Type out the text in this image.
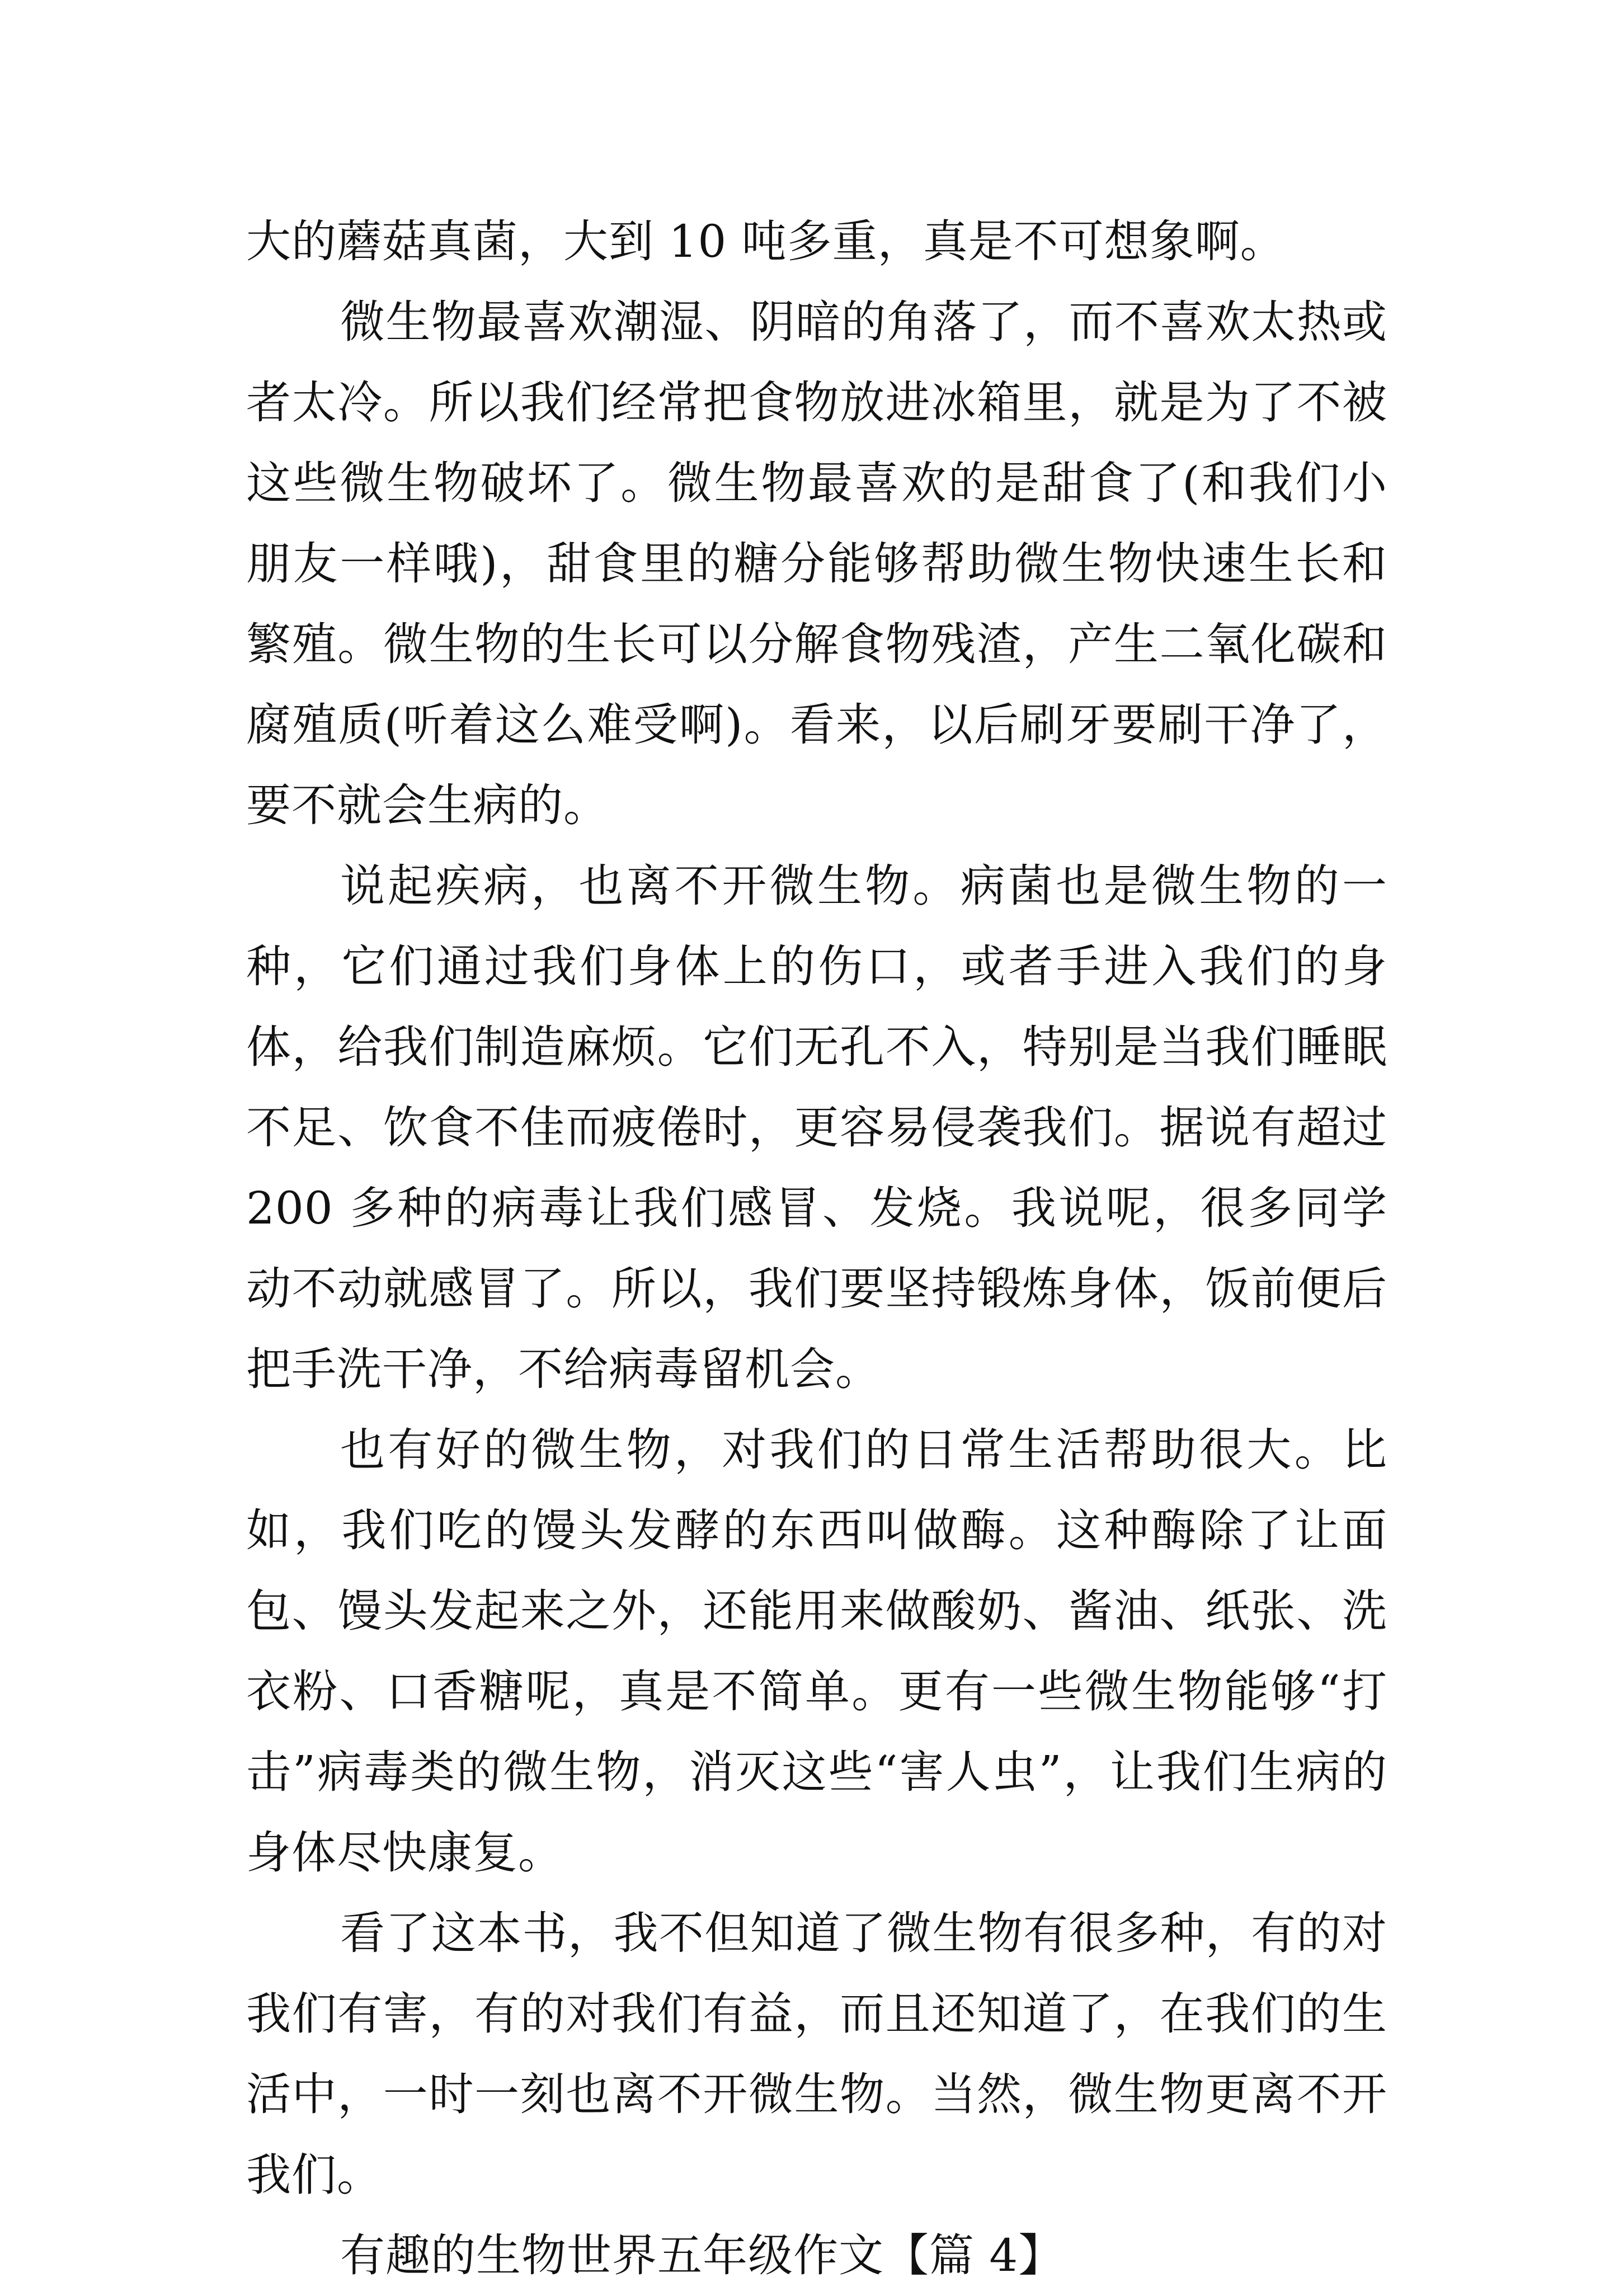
大的蘑菇真菌，大到 10 吨多重，真是不可想象啊。

微生物最喜欢潮湿、阴暗的角落了，而不喜欢太热或者太冷。所以我们经常把食物放进冰箱里，就是为了不被这些微生物破坏了。微生物最喜欢的是甜食了(和我们小朋友一样哦)，甜食里的糖分能够帮助微生物快速生长和繁殖。微生物的生长可以分解食物残渣，产生二氧化碳和腐殖质(听着这么难受啊)。看来，以后刷牙要刷干净了，要不就会生病的。

说起疾病，也离不开微生物。病菌也是微生物的一种，它们通过我们身体上的伤口，或者手进入我们的身体，给我们制造麻烦。它们无孔不入，特别是当我们睡眠不足、饮食不佳而疲倦时，更容易侵袭我们。据说有超过 200 多种的病毒让我们感冒、发烧。我说呢，很多同学动不动就感冒了。所以，我们要坚持锻炼身体，饭前便后把手洗干净，不给病毒留机会。

也有好的微生物，对我们的日常生活帮助很大。比如，我们吃的馒头发酵的东西叫做酶。这种酶除了让面包、馒头发起来之外，还能用来做酸奶、酱油、纸张、洗衣粉、口香糖呢，真是不简单。更有一些微生物能够“打击”病毒类的微生物，消灭这些“害人虫”，让我们生病的身体尽快康复。

看了这本书，我不但知道了微生物有很多种，有的对我们有害，有的对我们有益，而且还知道了，在我们的生活中，一时一刻也离不开微生物。当然，微生物更离不开我们。

有趣的生物世界五年级作文【篇 4】
